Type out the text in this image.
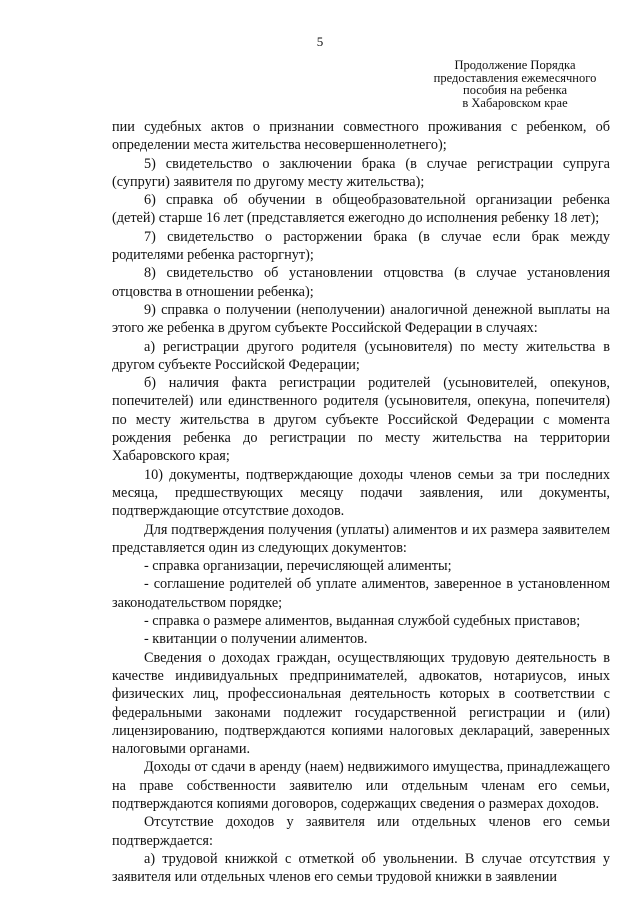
5
Продолжение Порядка
предоставления ежемесячного
пособия на ребенка
в Хабаровском крае

пии судебных актов о признании совместного проживания с ребенком, об определении места жительства несовершеннолетнего);

5) свидетельство о заключении брака (в случае регистрации супруга (супруги) заявителя по другому месту жительства);

6) справка об обучении в общеобразовательной организации ребенка (детей) старше 16 лет (представляется ежегодно до исполнения ребенку 18 лет);

7) свидетельство о расторжении брака (в случае если брак между родителями ребенка расторгнут);

8) свидетельство об установлении отцовства (в случае установления отцовства в отношении ребенка);

9) справка о получении (неполучении) аналогичной денежной выплаты на этого же ребенка в другом субъекте Российской Федерации в случаях:

а) регистрации другого родителя (усыновителя) по месту жительства в другом субъекте Российской Федерации;

б) наличия факта регистрации родителей (усыновителей, опекунов, попечителей) или единственного родителя (усыновителя, опекуна, попечителя) по месту жительства в другом субъекте Российской Федерации с момента рождения ребенка до регистрации по месту жительства на территории Хабаровского края;

10) документы, подтверждающие доходы членов семьи за три последних месяца, предшествующих месяцу подачи заявления, или документы, подтверждающие отсутствие доходов.

Для подтверждения получения (уплаты) алиментов и их размера заявителем представляется один из следующих документов:

- справка организации, перечисляющей алименты;

- соглашение родителей об уплате алиментов, заверенное в установленном законодательством порядке;

- справка о размере алиментов, выданная службой судебных приставов;

- квитанции о получении алиментов.

Сведения о доходах граждан, осуществляющих трудовую деятельность в качестве индивидуальных предпринимателей, адвокатов, нотариусов, иных физических лиц, профессиональная деятельность которых в соответствии с федеральными законами подлежит государственной регистрации и (или) лицензированию, подтверждаются копиями налоговых деклараций, заверенных налоговыми органами.

Доходы от сдачи в аренду (наем) недвижимого имущества, принадлежащего на праве собственности заявителю или отдельным членам его семьи, подтверждаются копиями договоров, содержащих сведения о размерах доходов.

Отсутствие доходов у заявителя или отдельных членов его семьи подтверждается:

а) трудовой книжкой с отметкой об увольнении. В случае отсутствия у заявителя или отдельных членов его семьи трудовой книжки в заявлении
